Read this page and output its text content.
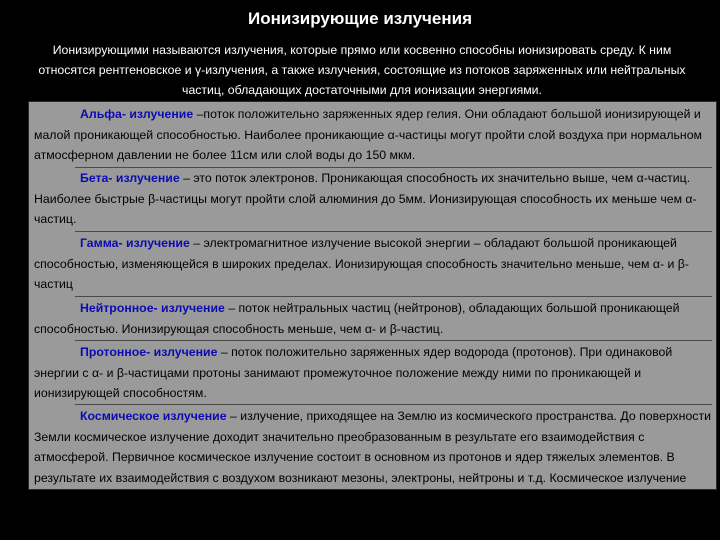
Ионизирующие излучения
Ионизирующими называются излучения, которые прямо или косвенно способны ионизировать среду. К ним относятся рентгеновское и γ-излучения, а также излучения, состоящие из потоков заряженных или нейтральных частиц, обладающих достаточными для ионизации энергиями.
Альфа- излучение –поток положительно заряженных ядер гелия. Они обладают большой ионизирующей и малой проникающей способностью. Наиболее проникающие α-частицы могут пройти слой воздуха при нормальном атмосферном давлении не более 11см или слой воды до 150 мкм.
Бета- излучение – это поток электронов. Проникающая способность их значительно выше, чем α-частиц. Наиболее быстрые β-частицы могут пройти слой алюминия до 5мм. Ионизирующая способность их меньше чем α-частиц.
Гамма- излучение – электромагнитное излучение высокой энергии – обладают большой проникающей способностью, изменяющейся в широких пределах. Ионизирующая способность значительно меньше, чем α- и β-частиц
Нейтронное- излучение – поток нейтральных частиц (нейтронов), обладающих большой проникающей способностью. Ионизирующая способность меньше, чем α- и β-частиц.
Протонное- излучение – поток положительно заряженных ядер водорода (протонов). При одинаковой энергии с α- и β-частицами протоны занимают промежуточное положение между ними по проникающей и ионизирующей способностям.
Космическое излучение – излучение, приходящее на Землю из космического пространства. До поверхности Земли космическое излучение доходит значительно преобразованным в результате его взаимодействия с атмосферой. Первичное космическое излучение состоит в основном из протонов и ядер тяжелых элементов. В результате их взаимодействия с воздухом возникают мезоны, электроны, нейтроны и т.д. Космическое излучение обладает очень большой проникающей способностью.
